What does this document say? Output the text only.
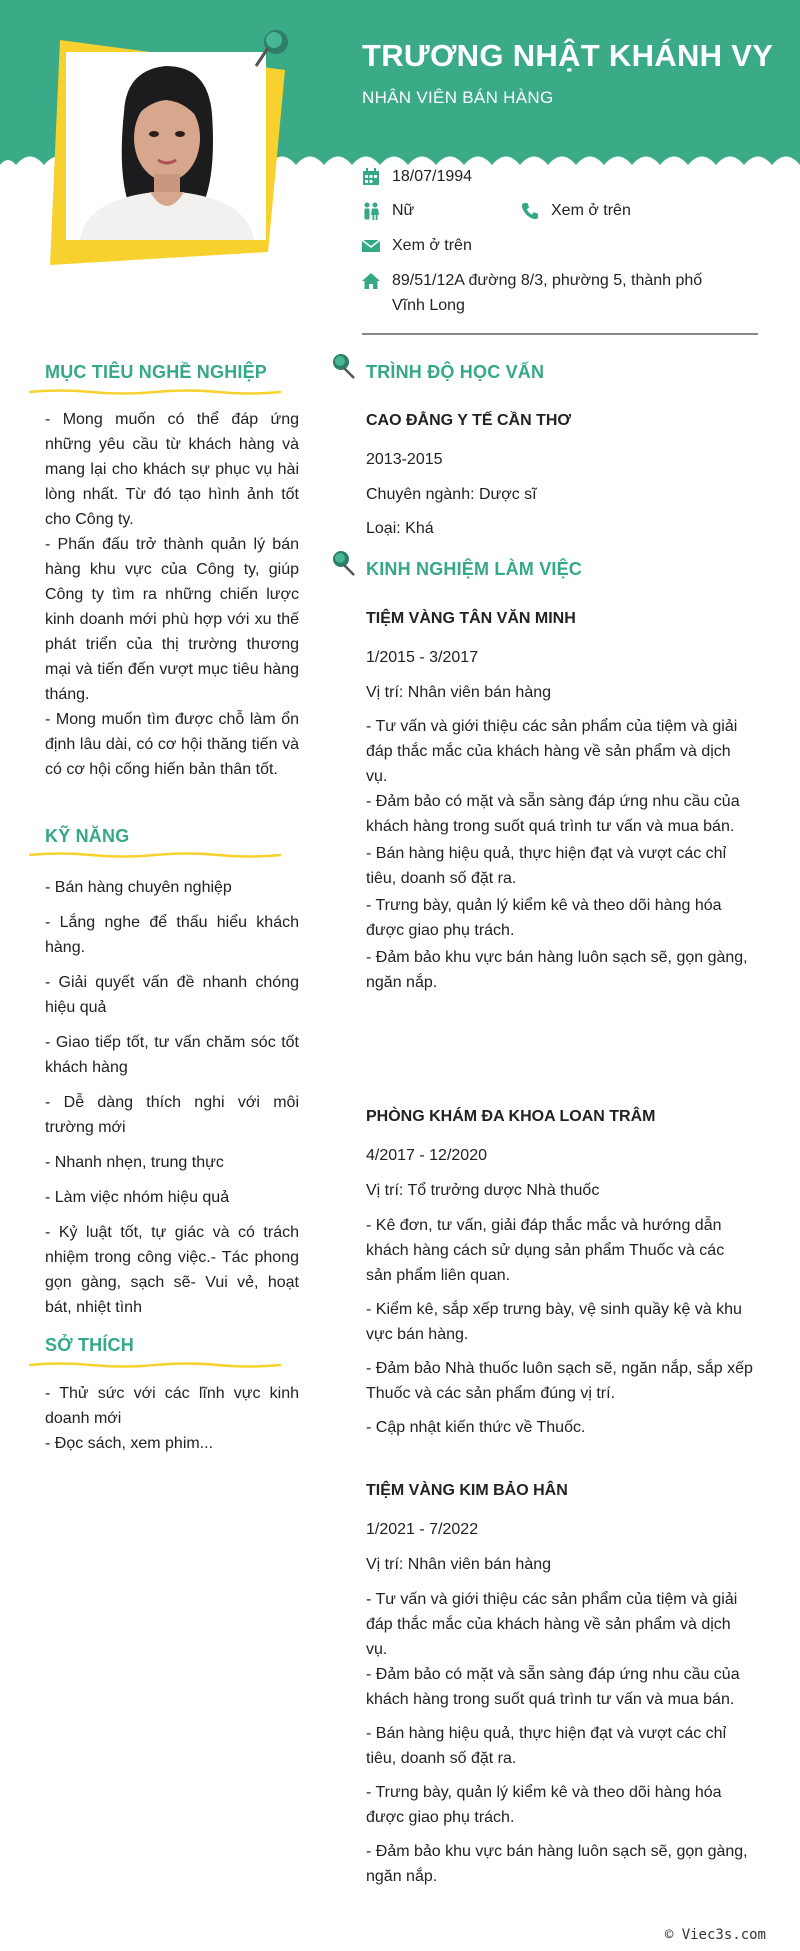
TRƯƠNG NHẬT KHÁNH VY
NHÂN VIÊN BÁN HÀNG
18/07/1994
Nữ	Xem ở trên
Xem ở trên
89/51/12A đường 8/3, phường 5, thành phố Vĩnh Long
MỤC TIÊU NGHỀ NGHIỆP

- Mong muốn có thể đáp ứng những yêu cầu từ khách hàng và mang lại cho khách sự phục vụ hài lòng nhất. Từ đó tạo hình ảnh tốt cho Công ty.

- Phấn đấu trở thành quản lý bán hàng khu vực của Công ty, giúp Công ty tìm ra những chiến lược kinh doanh mới phù hợp với xu thế phát triển của thị trường thương mại và tiến đến vượt mục tiêu hàng tháng.

- Mong muốn tìm được chỗ làm ổn định lâu dài, có cơ hội thăng tiến và có cơ hội cống hiến bản thân tốt.

KỸ NĂNG
- Bán hàng chuyên nghiệp
- Lắng nghe để thấu hiểu khách hàng.
- Giải quyết vấn đề nhanh chóng hiệu quả
- Giao tiếp tốt, tư vấn chăm sóc tốt khách hàng
- Dễ dàng thích nghi với môi trường mới
- Nhanh nhẹn, trung thực
- Làm việc nhóm hiệu quả
- Kỷ luật tốt, tự giác và có trách nhiệm trong công việc.- Tác phong gọn gàng, sạch sẽ- Vui vẻ, hoạt bát, nhiệt tình
SỞ THÍCH

- Thử sức với các lĩnh vực kinh doanh mới

- Đọc sách, xem phim...

TRÌNH ĐỘ HỌC VẤN
CAO ĐẲNG Y TẾ CẦN THƠ
2013-2015
Chuyên ngành: Dược sĩ
Loại: Khá
KINH NGHIỆM LÀM VIỆC
TIỆM VÀNG TÂN VĂN MINH
1/2015 - 3/2017
Vị trí: Nhân viên bán hàng
- Tư vấn và giới thiệu các sản phẩm của tiệm và giải đáp thắc mắc của khách hàng về sản phẩm và dịch vụ.
- Đảm bảo có mặt và sẵn sàng đáp ứng nhu cầu của khách hàng trong suốt quá trình tư vấn và mua bán.
- Bán hàng hiệu quả, thực hiện đạt và vượt các chỉ tiêu, doanh số đặt ra.
- Trưng bày, quản lý kiểm kê và theo dõi hàng hóa được giao phụ trách.
- Đảm bảo khu vực bán hàng luôn sạch sẽ, gọn gàng, ngăn nắp.
PHÒNG KHÁM ĐA KHOA LOAN TRÂM
4/2017 - 12/2020
Vị trí: Tổ trưởng dược Nhà thuốc
- Kê đơn, tư vấn, giải đáp thắc mắc và hướng dẫn khách hàng cách sử dụng sản phẩm Thuốc và các sản phẩm liên quan.
- Kiểm kê, sắp xếp trưng bày, vệ sinh quầy kệ và khu vực bán hàng.
- Đảm bảo Nhà thuốc luôn sạch sẽ, ngăn nắp, sắp xếp Thuốc và các sản phẩm đúng vị trí.
- Cập nhật kiến thức về Thuốc.
TIỆM VÀNG KIM BẢO HÂN
1/2021 - 7/2022
Vị trí: Nhân viên bán hàng
- Tư vấn và giới thiệu các sản phẩm của tiệm và giải đáp thắc mắc của khách hàng về sản phẩm và dịch vụ.
- Đảm bảo có mặt và sẵn sàng đáp ứng nhu cầu của khách hàng trong suốt quá trình tư vấn và mua bán.
- Bán hàng hiệu quả, thực hiện đạt và vượt các chỉ tiêu, doanh số đặt ra.
- Trưng bày, quản lý kiểm kê và theo dõi hàng hóa được giao phụ trách.
- Đảm bảo khu vực bán hàng luôn sạch sẽ, gọn gàng, ngăn nắp.
© Viec3s.com
